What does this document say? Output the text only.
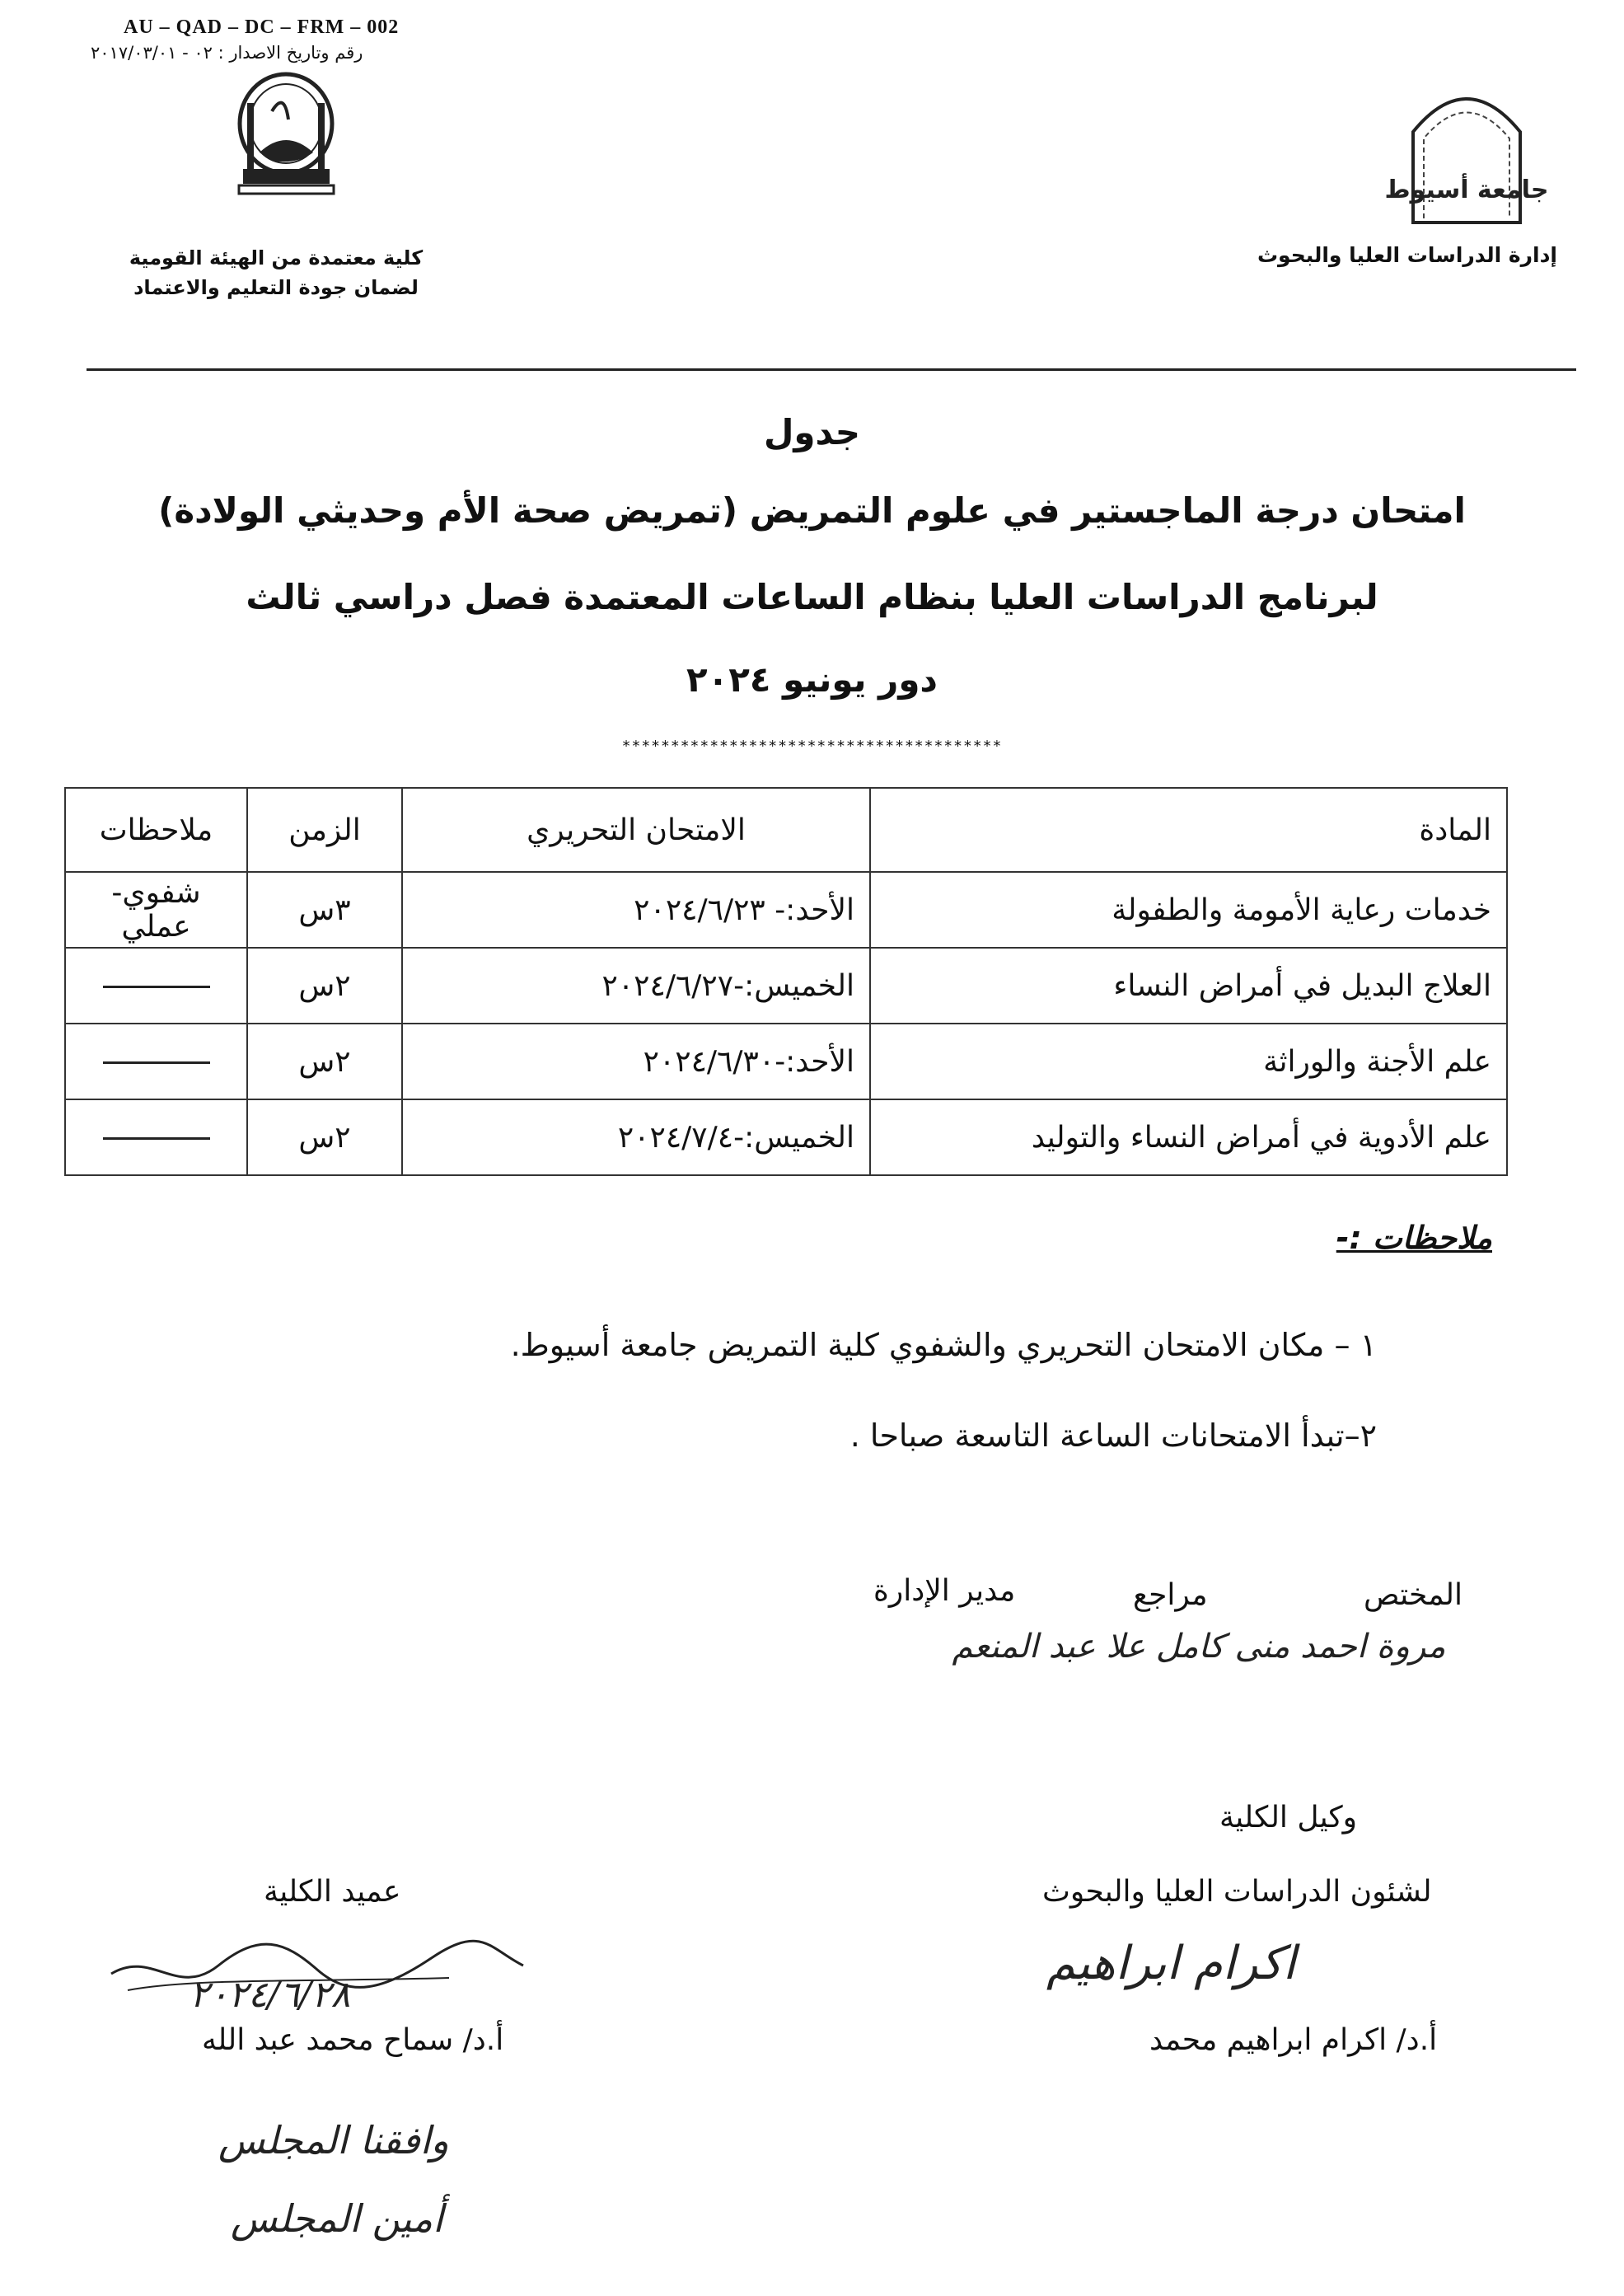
AU – QAD – DC – FRM – 002
رقم وتاريخ الاصدار : ٠٢ - ٢٠١٧/٠٣/٠١
جامعة أسيوط
كلية معتمدة من الهيئة القومية
لضمان جودة التعليم والاعتماد
إدارة الدراسات العليا والبحوث
جدول
امتحان درجة الماجستير في علوم التمريض (تمريض صحة الأم وحديثي الولادة)
لبرنامج الدراسات العليا بنظام الساعات المعتمدة فصل دراسي ثالث
دور يونيو ٢٠٢٤
***************************************
المادة	الامتحان التحريري	الزمن	ملاحظات
خدمات رعاية الأمومة والطفولة	الأحد:- ٢٠٢٤/٦/٢٣	٣س	شفوي-عملي
العلاج البديل في أمراض النساء	الخميس:-٢٠٢٤/٦/٢٧	٢س	
علم الأجنة والوراثة	الأحد:-٢٠٢٤/٦/٣٠	٢س	
علم الأدوية في أمراض النساء والتوليد	الخميس:-٢٠٢٤/٧/٤	٢س	
ملاحظات :-
١ – مكان الامتحان التحريري والشفوي كلية التمريض جامعة أسيوط.
٢–تبدأ الامتحانات الساعة التاسعة صباحا .
المختص
مراجع
مدير الإدارة
مروة احمد منى كامل علا عبد المنعم
وكيل الكلية
لشئون الدراسات العليا والبحوث
اكرام ابراهيم
أ.د/ اكرام ابراهيم محمد
عميد الكلية
٢٠٢٤/٦/٢٨
أ.د/ سماح محمد عبد الله
وافقنا المجلس
أمين المجلس
